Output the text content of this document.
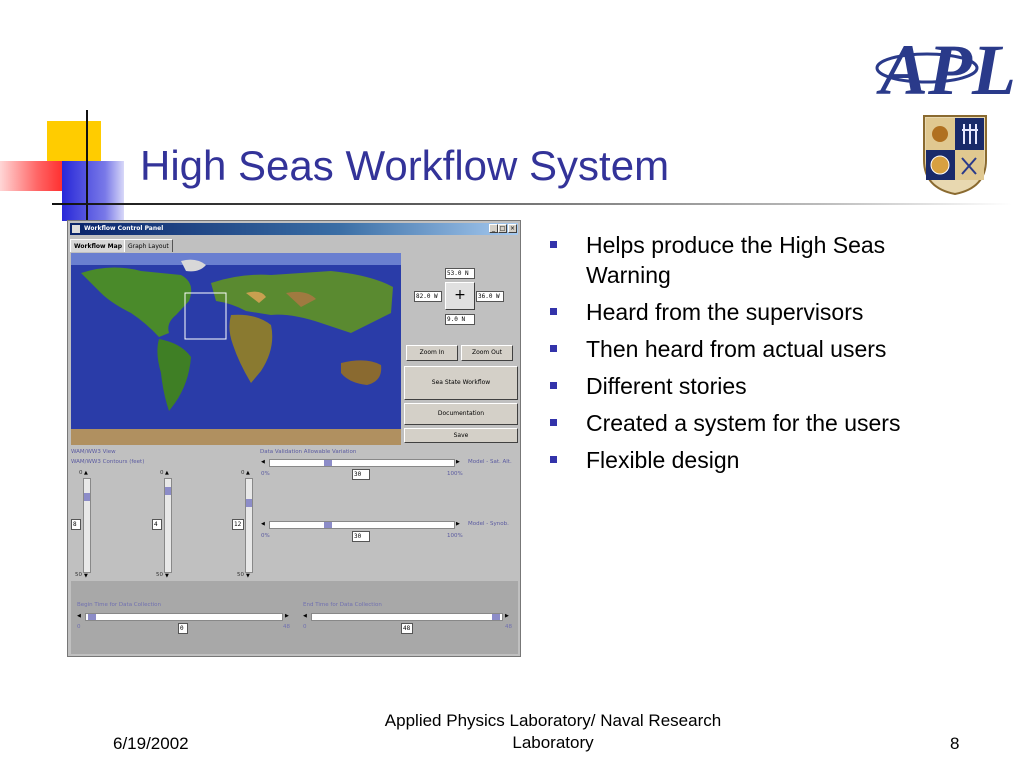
High Seas Workflow System
APL
Helps produce the High Seas Warning
Heard from the supervisors
Then heard from actual users
Different stories
Created a system for the users
Flexible design
6/19/2002
Applied Physics Laboratory/ Naval Research Laboratory	8
Workflow Control Panel	_ □ ×
Workflow Map	Graph Layout
53.0 N
82.0 W	+	36.0 W
9.0 N
Zoom In	Zoom Out
Sea State Workflow
Documentation
Save
WAM/WW3 View
WAM/WW3 Contours (feet)
0 ▲
8
50 ▼
0 ▲
4
50 ▼
0 ▲
12
50 ▼
Data Validation Allowable Variation
◀	▶ Model - Sat. Alt.
0%	30	100%
◀	▶ Model - Synob.
0%	30	100%
Begin Time for Data Collection
◀	▶
0	0	48
End Time for Data Collection
◀	▶
0	48	48
